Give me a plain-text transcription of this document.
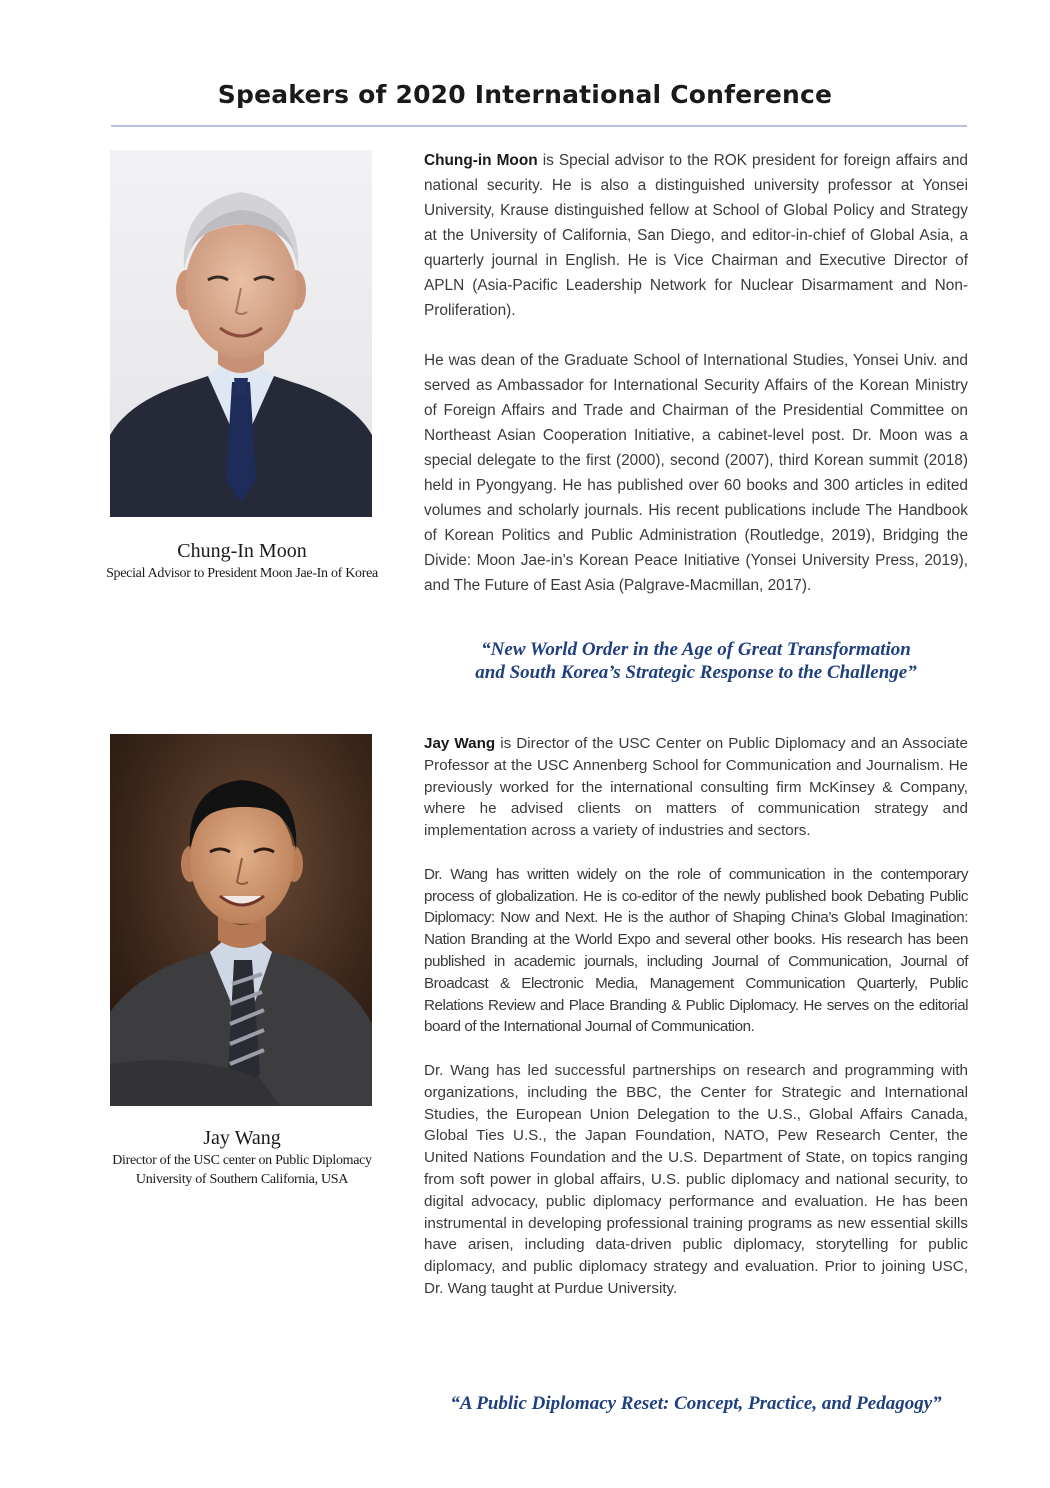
Speakers of 2020 International Conference
Chung-In Moon
Special Advisor to President Moon Jae-In of Korea

Chung-in Moon is Special advisor to the ROK president for foreign affairs and national security. He is also a distinguished university professor at Yonsei University, Krause distinguished fellow at School of Global Policy and Strategy at the University of California, San Diego, and editor-in-chief of Global Asia, a quarterly journal in English. He is Vice Chairman and Executive Director of APLN (Asia-Pacific Leadership Network for Nuclear Disarmament and Non-Proliferation).

He was dean of the Graduate School of International Studies, Yonsei Univ. and served as Ambassador for International Security Affairs of the Korean Ministry of Foreign Affairs and Trade and Chairman of the Presidential Committee on Northeast Asian Cooperation Initiative, a cabinet-level post. Dr. Moon was a special delegate to the first (2000), second (2007), third Korean summit (2018) held in Pyongyang. He has published over 60 books and 300 articles in edited volumes and scholarly journals. His recent publications include The Handbook of Korean Politics and Public Administration (Routledge, 2019), Bridging the Divide: Moon Jae-in's Korean Peace Initiative (Yonsei University Press, 2019), and The Future of East Asia (Palgrave-Macmillan, 2017).

“New World Order in the Age of Great Transformation
and South Korea’s Strategic Response to the Challenge”
Jay Wang
Director of the USC center on Public Diplomacy
University of Southern California, USA

Jay Wang is Director of the USC Center on Public Diplomacy and an Associate Professor at the USC Annenberg School for Communication and Journalism. He previously worked for the international consulting firm McKinsey & Company, where he advised clients on matters of communication strategy and implementation across a variety of industries and sectors.

Dr. Wang has written widely on the role of communication in the contemporary process of globalization. He is co-editor of the newly published book Debating Public Diplomacy: Now and Next. He is the author of Shaping China’s Global Imagination: Nation Branding at the World Expo and several other books. His research has been published in academic journals, including Journal of Communication, Journal of Broadcast & Electronic Media, Management Communication Quarterly, Public Relations Review and Place Branding & Public Diplomacy. He serves on the editorial board of the International Journal of Communication.

Dr. Wang has led successful partnerships on research and programming with organizations, including the BBC, the Center for Strategic and International Studies, the European Union Delegation to the U.S., Global Affairs Canada, Global Ties U.S., the Japan Foundation, NATO, Pew Research Center, the United Nations Foundation and the U.S. Department of State, on topics ranging from soft power in global affairs, U.S. public diplomacy and national security, to digital advocacy, public diplomacy performance and evaluation. He has been instrumental in developing professional training programs as new essential skills have arisen, including data-driven public diplomacy, storytelling for public diplomacy, and public diplomacy strategy and evaluation. Prior to joining USC, Dr. Wang taught at Purdue University.

“A Public Diplomacy Reset: Concept, Practice, and Pedagogy”
